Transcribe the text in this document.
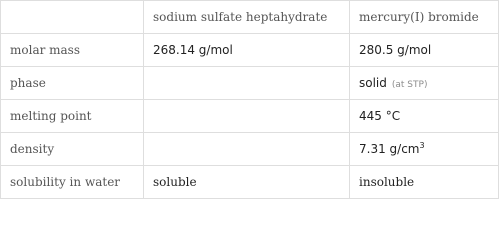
	sodium sulfate heptahydrate	mercury(I) bromide
molar mass	268.14 g/mol	280.5 g/mol
phase		solid (at STP)
melting point		445 °C
density		7.31 $g/cm^3$
solubility in water	soluble	insoluble
